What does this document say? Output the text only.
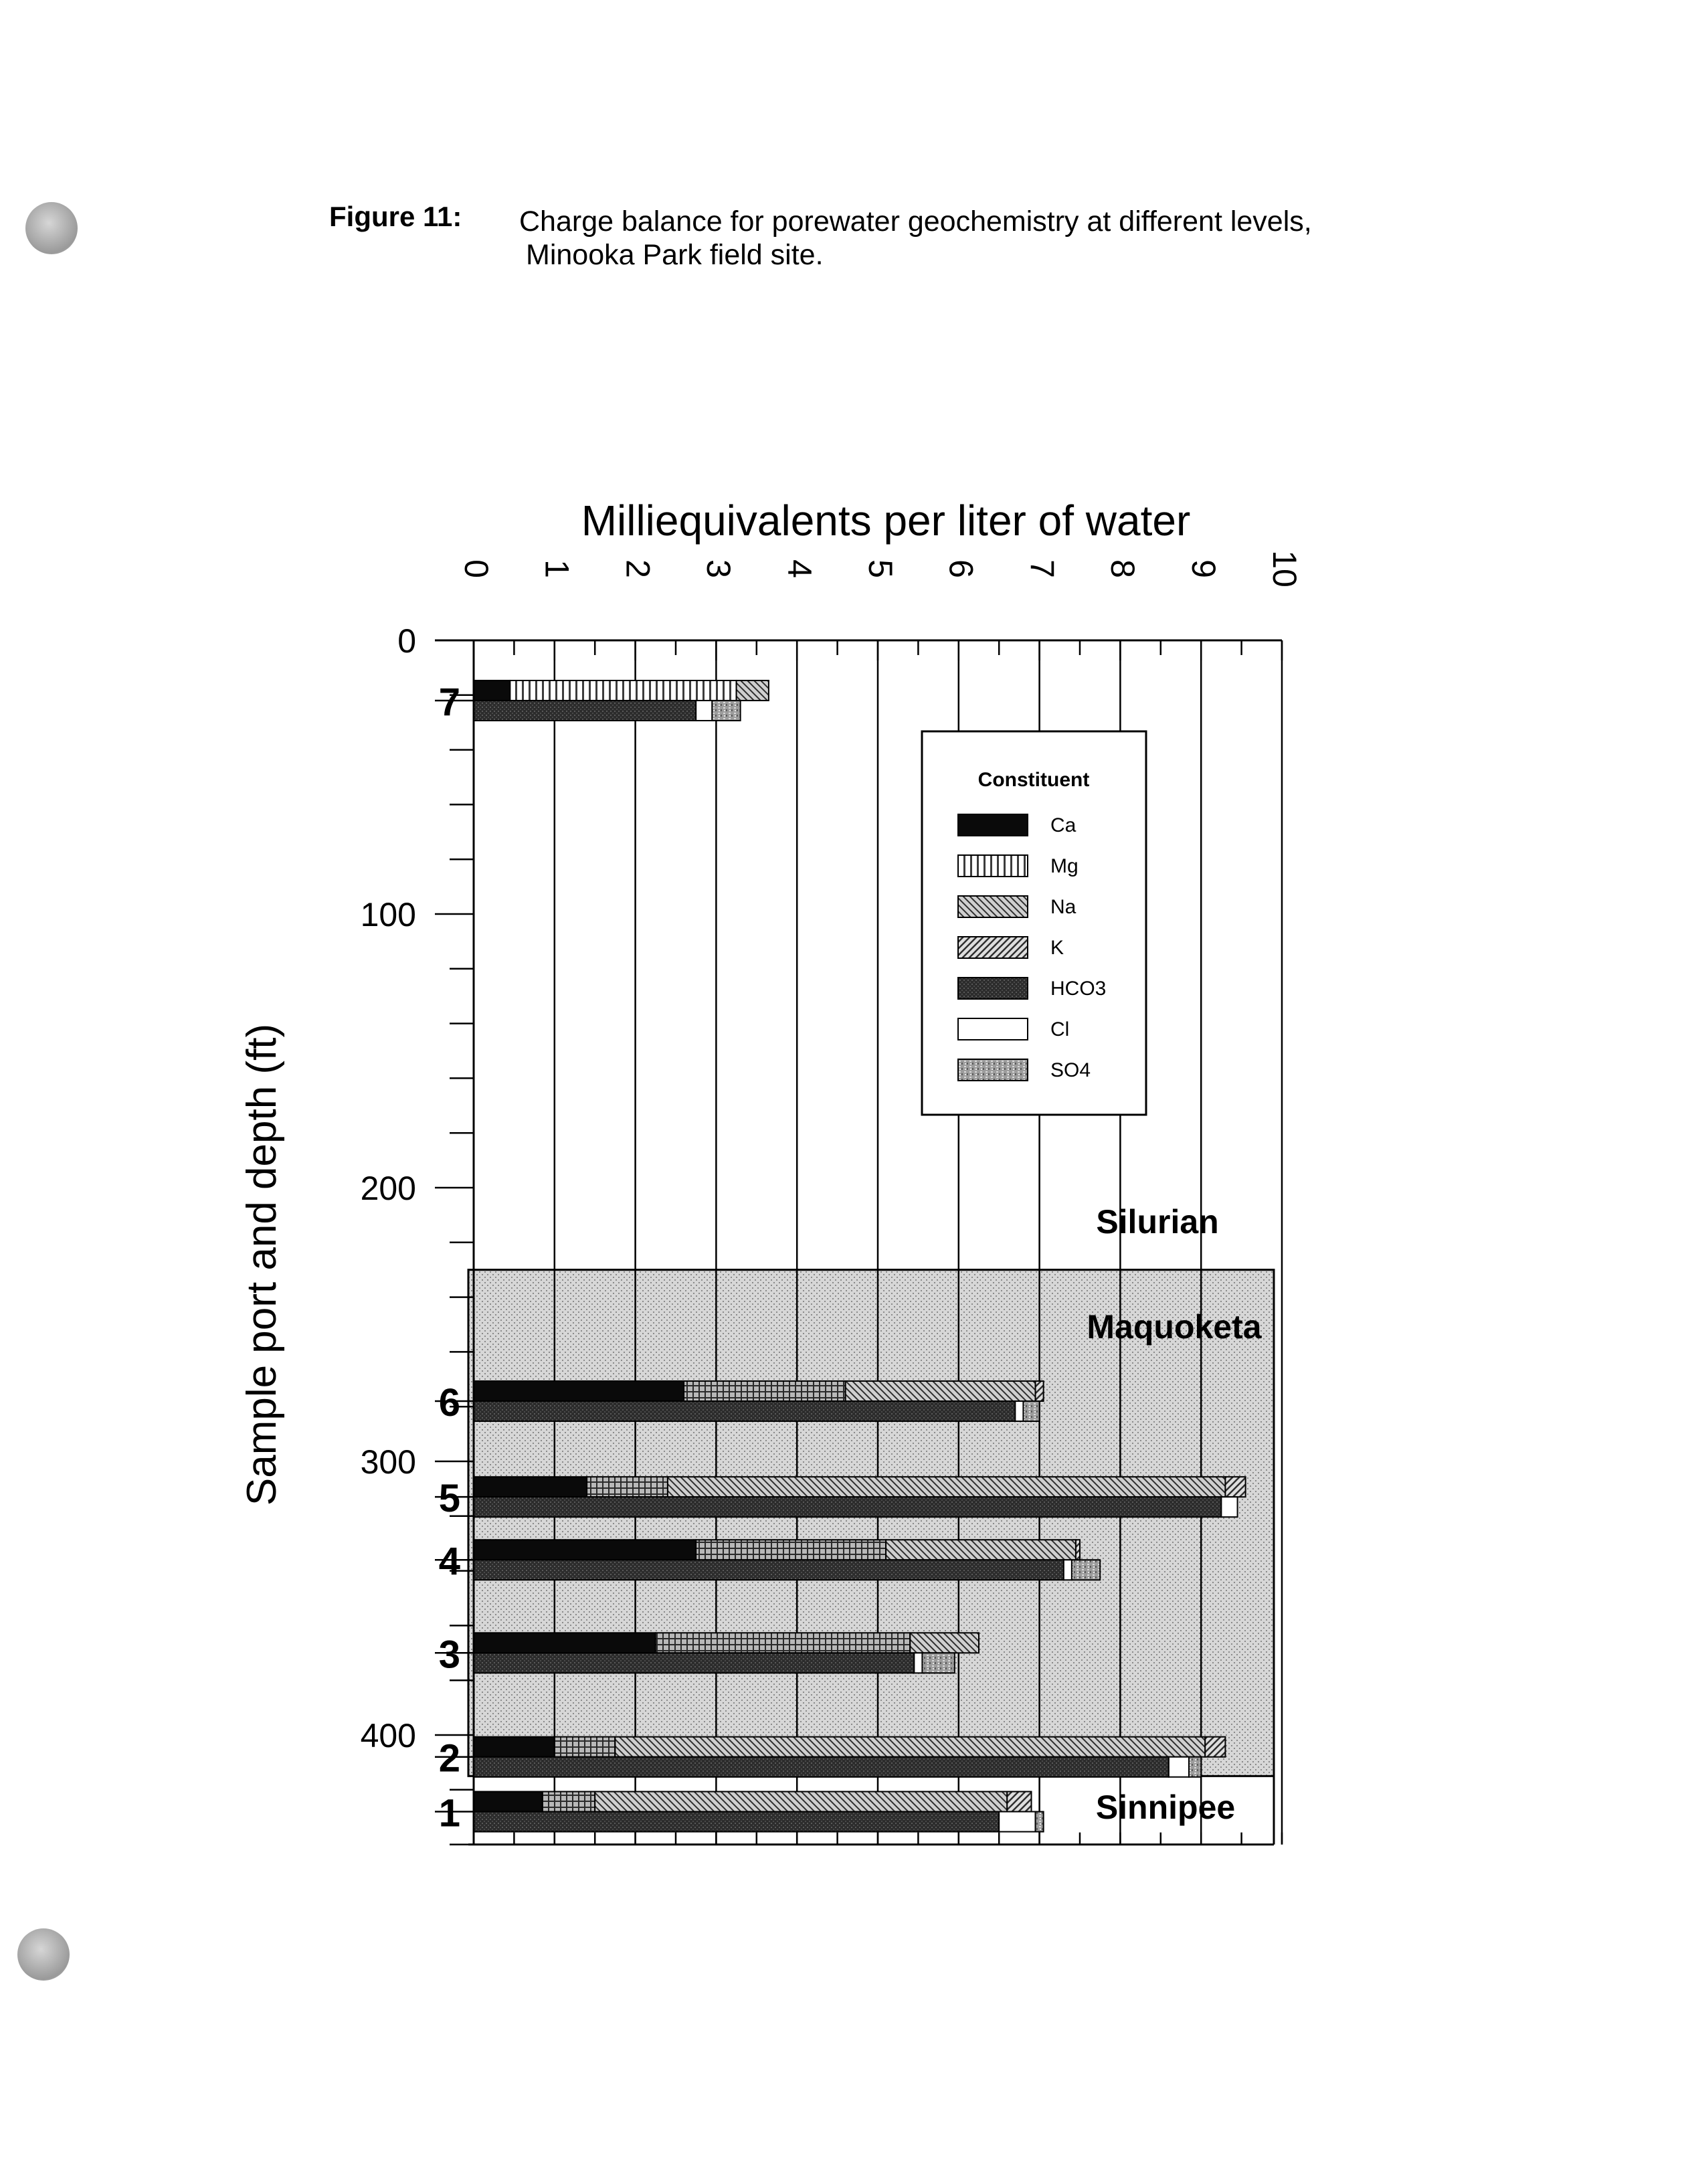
Figure 11: Charge balance for porewater geochemistry at different levels,
Minooka Park field site.
0 1 2 3 4 5 6 7 8 9 10
0
100
200
300
400
Milliequivalents per liter of water
Sample port and depth (ft)
7
6
5
4
3
2
1
Silurian
Maquoketa
Sinnipee
Constituent
Ca
Mg
Na
K
HCO3
Cl
SO4
